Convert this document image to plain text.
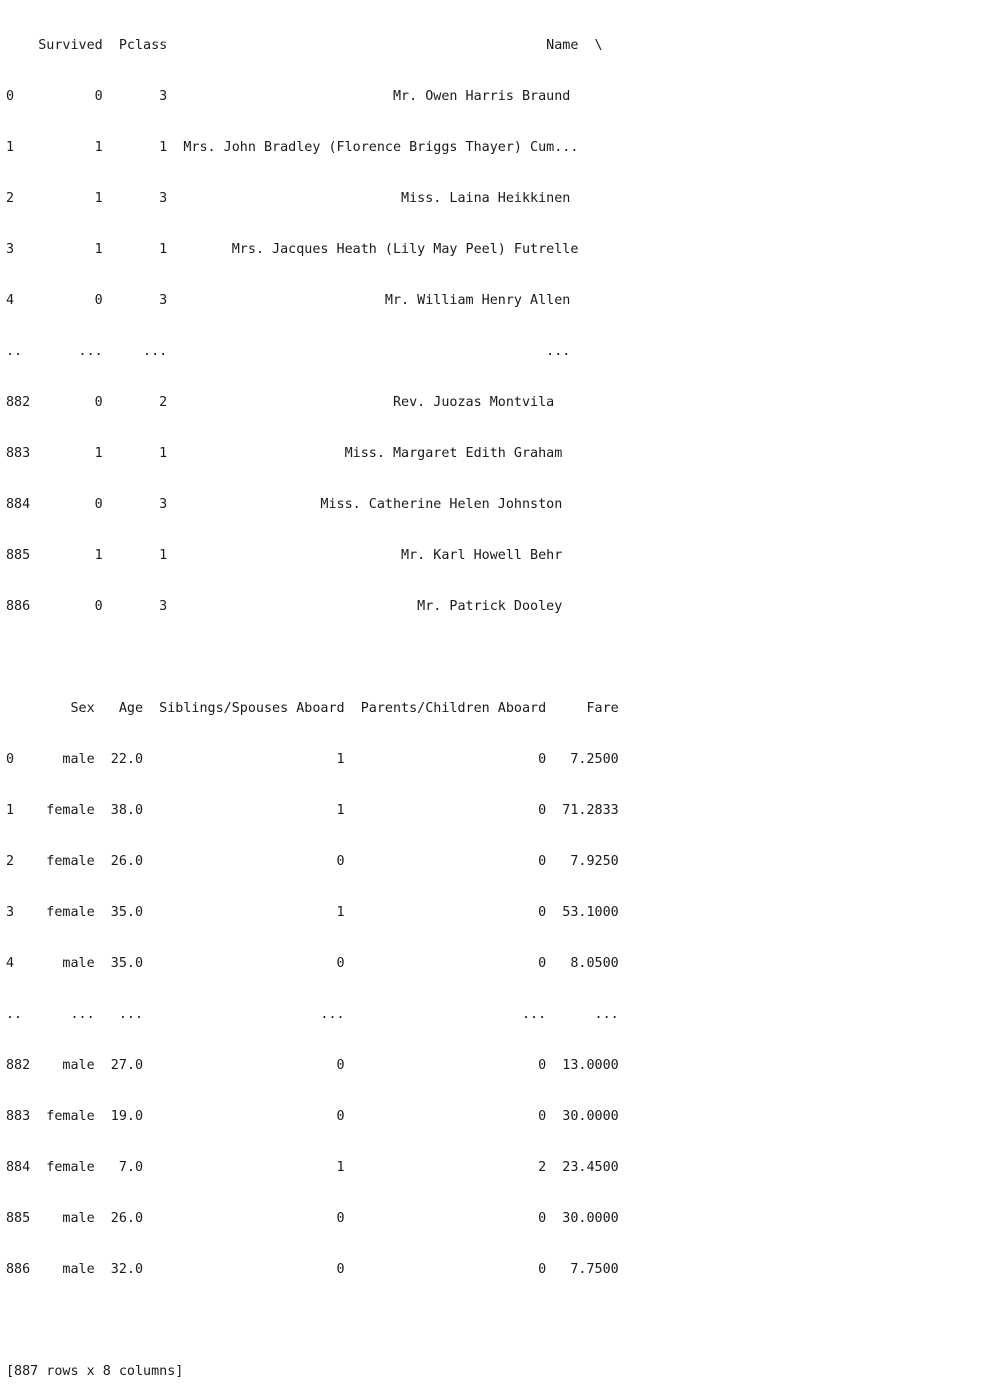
Survived  Pclass                                               Name  \

0          0       3                            Mr. Owen Harris Braund

1          1       1  Mrs. John Bradley (Florence Briggs Thayer) Cum...

2          1       3                             Miss. Laina Heikkinen

3          1       1        Mrs. Jacques Heath (Lily May Peel) Futrelle

4          0       3                           Mr. William Henry Allen

..       ...     ...                                               ...

882        0       2                            Rev. Juozas Montvila

883        1       1                      Miss. Margaret Edith Graham

884        0       3                   Miss. Catherine Helen Johnston

885        1       1                             Mr. Karl Howell Behr

886        0       3                               Mr. Patrick Dooley

Sex   Age  Siblings/Spouses Aboard  Parents/Children Aboard     Fare

0      male  22.0                        1                        0   7.2500

1    female  38.0                        1                        0  71.2833

2    female  26.0                        0                        0   7.9250

3    female  35.0                        1                        0  53.1000

4      male  35.0                        0                        0   8.0500

..      ...   ...                      ...                      ...      ...

882    male  27.0                        0                        0  13.0000

883  female  19.0                        0                        0  30.0000

884  female   7.0                        1                        2  23.4500

885    male  26.0                        0                        0  30.0000

886    male  32.0                        0                        0   7.7500

[887 rows x 8 columns]
